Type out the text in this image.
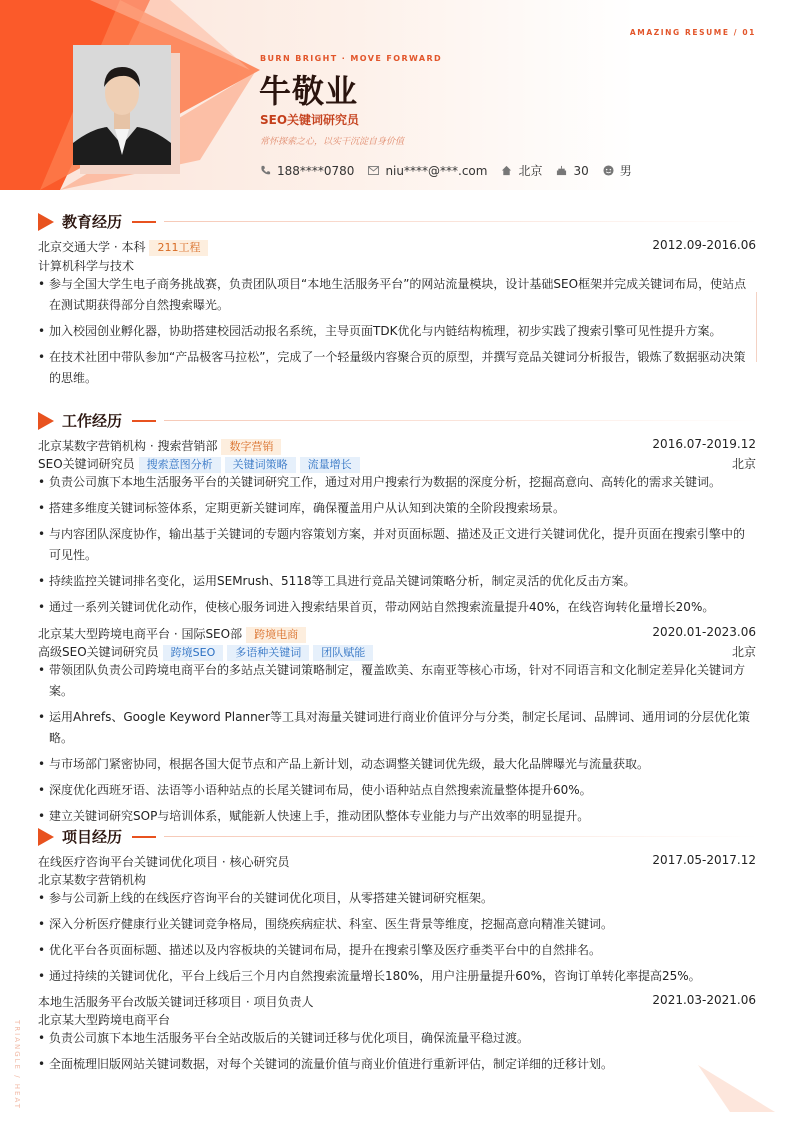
AMAZING RESUME / 01
BURN BRIGHT · MOVE FORWARD
牛敬业
SEO关键词研究员
常怀探索之心，以实干沉淀自身价值
188****0780	niu****@***.com	北京	30	男
教育经历
北京交通大学 · 本科 211工程	2012.09-2016.06
计算机科学与技术
• 参与全国大学生电子商务挑战赛，负责团队项目“本地生活服务平台”的网站流量模块，设计基础SEO框架并完成关键词布局，使站点在测试期获得部分自然搜索曝光。
• 加入校园创业孵化器，协助搭建校园活动报名系统，主导页面TDK优化与内链结构梳理，初步实践了搜索引擎可见性提升方案。
• 在技术社团中带队参加“产品极客马拉松”，完成了一个轻量级内容聚合页的原型，并撰写竞品关键词分析报告，锻炼了数据驱动决策的思维。
工作经历
北京某数字营销机构 · 搜索营销部 数字营销	2016.07-2019.12
SEO关键词研究员 搜索意图分析 关键词策略 流量增长	北京
• 负责公司旗下本地生活服务平台的关键词研究工作，通过对用户搜索行为数据的深度分析，挖掘高意向、高转化的需求关键词。
• 搭建多维度关键词标签体系，定期更新关键词库，确保覆盖用户从认知到决策的全阶段搜索场景。
• 与内容团队深度协作，输出基于关键词的专题内容策划方案，并对页面标题、描述及正文进行关键词优化，提升页面在搜索引擎中的可见性。
• 持续监控关键词排名变化，运用SEMrush、5118等工具进行竞品关键词策略分析，制定灵活的优化反击方案。
• 通过一系列关键词优化动作，使核心服务词进入搜索结果首页，带动网站自然搜索流量提升40%，在线咨询转化量增长20%。
北京某大型跨境电商平台 · 国际SEO部 跨境电商	2020.01-2023.06
高级SEO关键词研究员 跨境SEO 多语种关键词 团队赋能	北京
• 带领团队负责公司跨境电商平台的多站点关键词策略制定，覆盖欧美、东南亚等核心市场，针对不同语言和文化制定差异化关键词方案。
• 运用Ahrefs、Google Keyword Planner等工具对海量关键词进行商业价值评分与分类，制定长尾词、品牌词、通用词的分层优化策略。
• 与市场部门紧密协同，根据各国大促节点和产品上新计划，动态调整关键词优先级，最大化品牌曝光与流量获取。
• 深度优化西班牙语、法语等小语种站点的长尾关键词布局，使小语种站点自然搜索流量整体提升60%。
• 建立关键词研究SOP与培训体系，赋能新人快速上手，推动团队整体专业能力与产出效率的明显提升。
项目经历
在线医疗咨询平台关键词优化项目 · 核心研究员	2017.05-2017.12
北京某数字营销机构
• 参与公司新上线的在线医疗咨询平台的关键词优化项目，从零搭建关键词研究框架。
• 深入分析医疗健康行业关键词竞争格局，围绕疾病症状、科室、医生背景等维度，挖掘高意向精准关键词。
• 优化平台各页面标题、描述以及内容板块的关键词布局，提升在搜索引擎及医疗垂类平台中的自然排名。
• 通过持续的关键词优化，平台上线后三个月内自然搜索流量增长180%，用户注册量提升60%，咨询订单转化率提高25%。
本地生活服务平台改版关键词迁移项目 · 项目负责人	2021.03-2021.06
北京某大型跨境电商平台
• 负责公司旗下本地生活服务平台全站改版后的关键词迁移与优化项目，确保流量平稳过渡。
• 全面梳理旧版网站关键词数据，对每个关键词的流量价值与商业价值进行重新评估，制定详细的迁移计划。
TRIANGLE / HEAT
